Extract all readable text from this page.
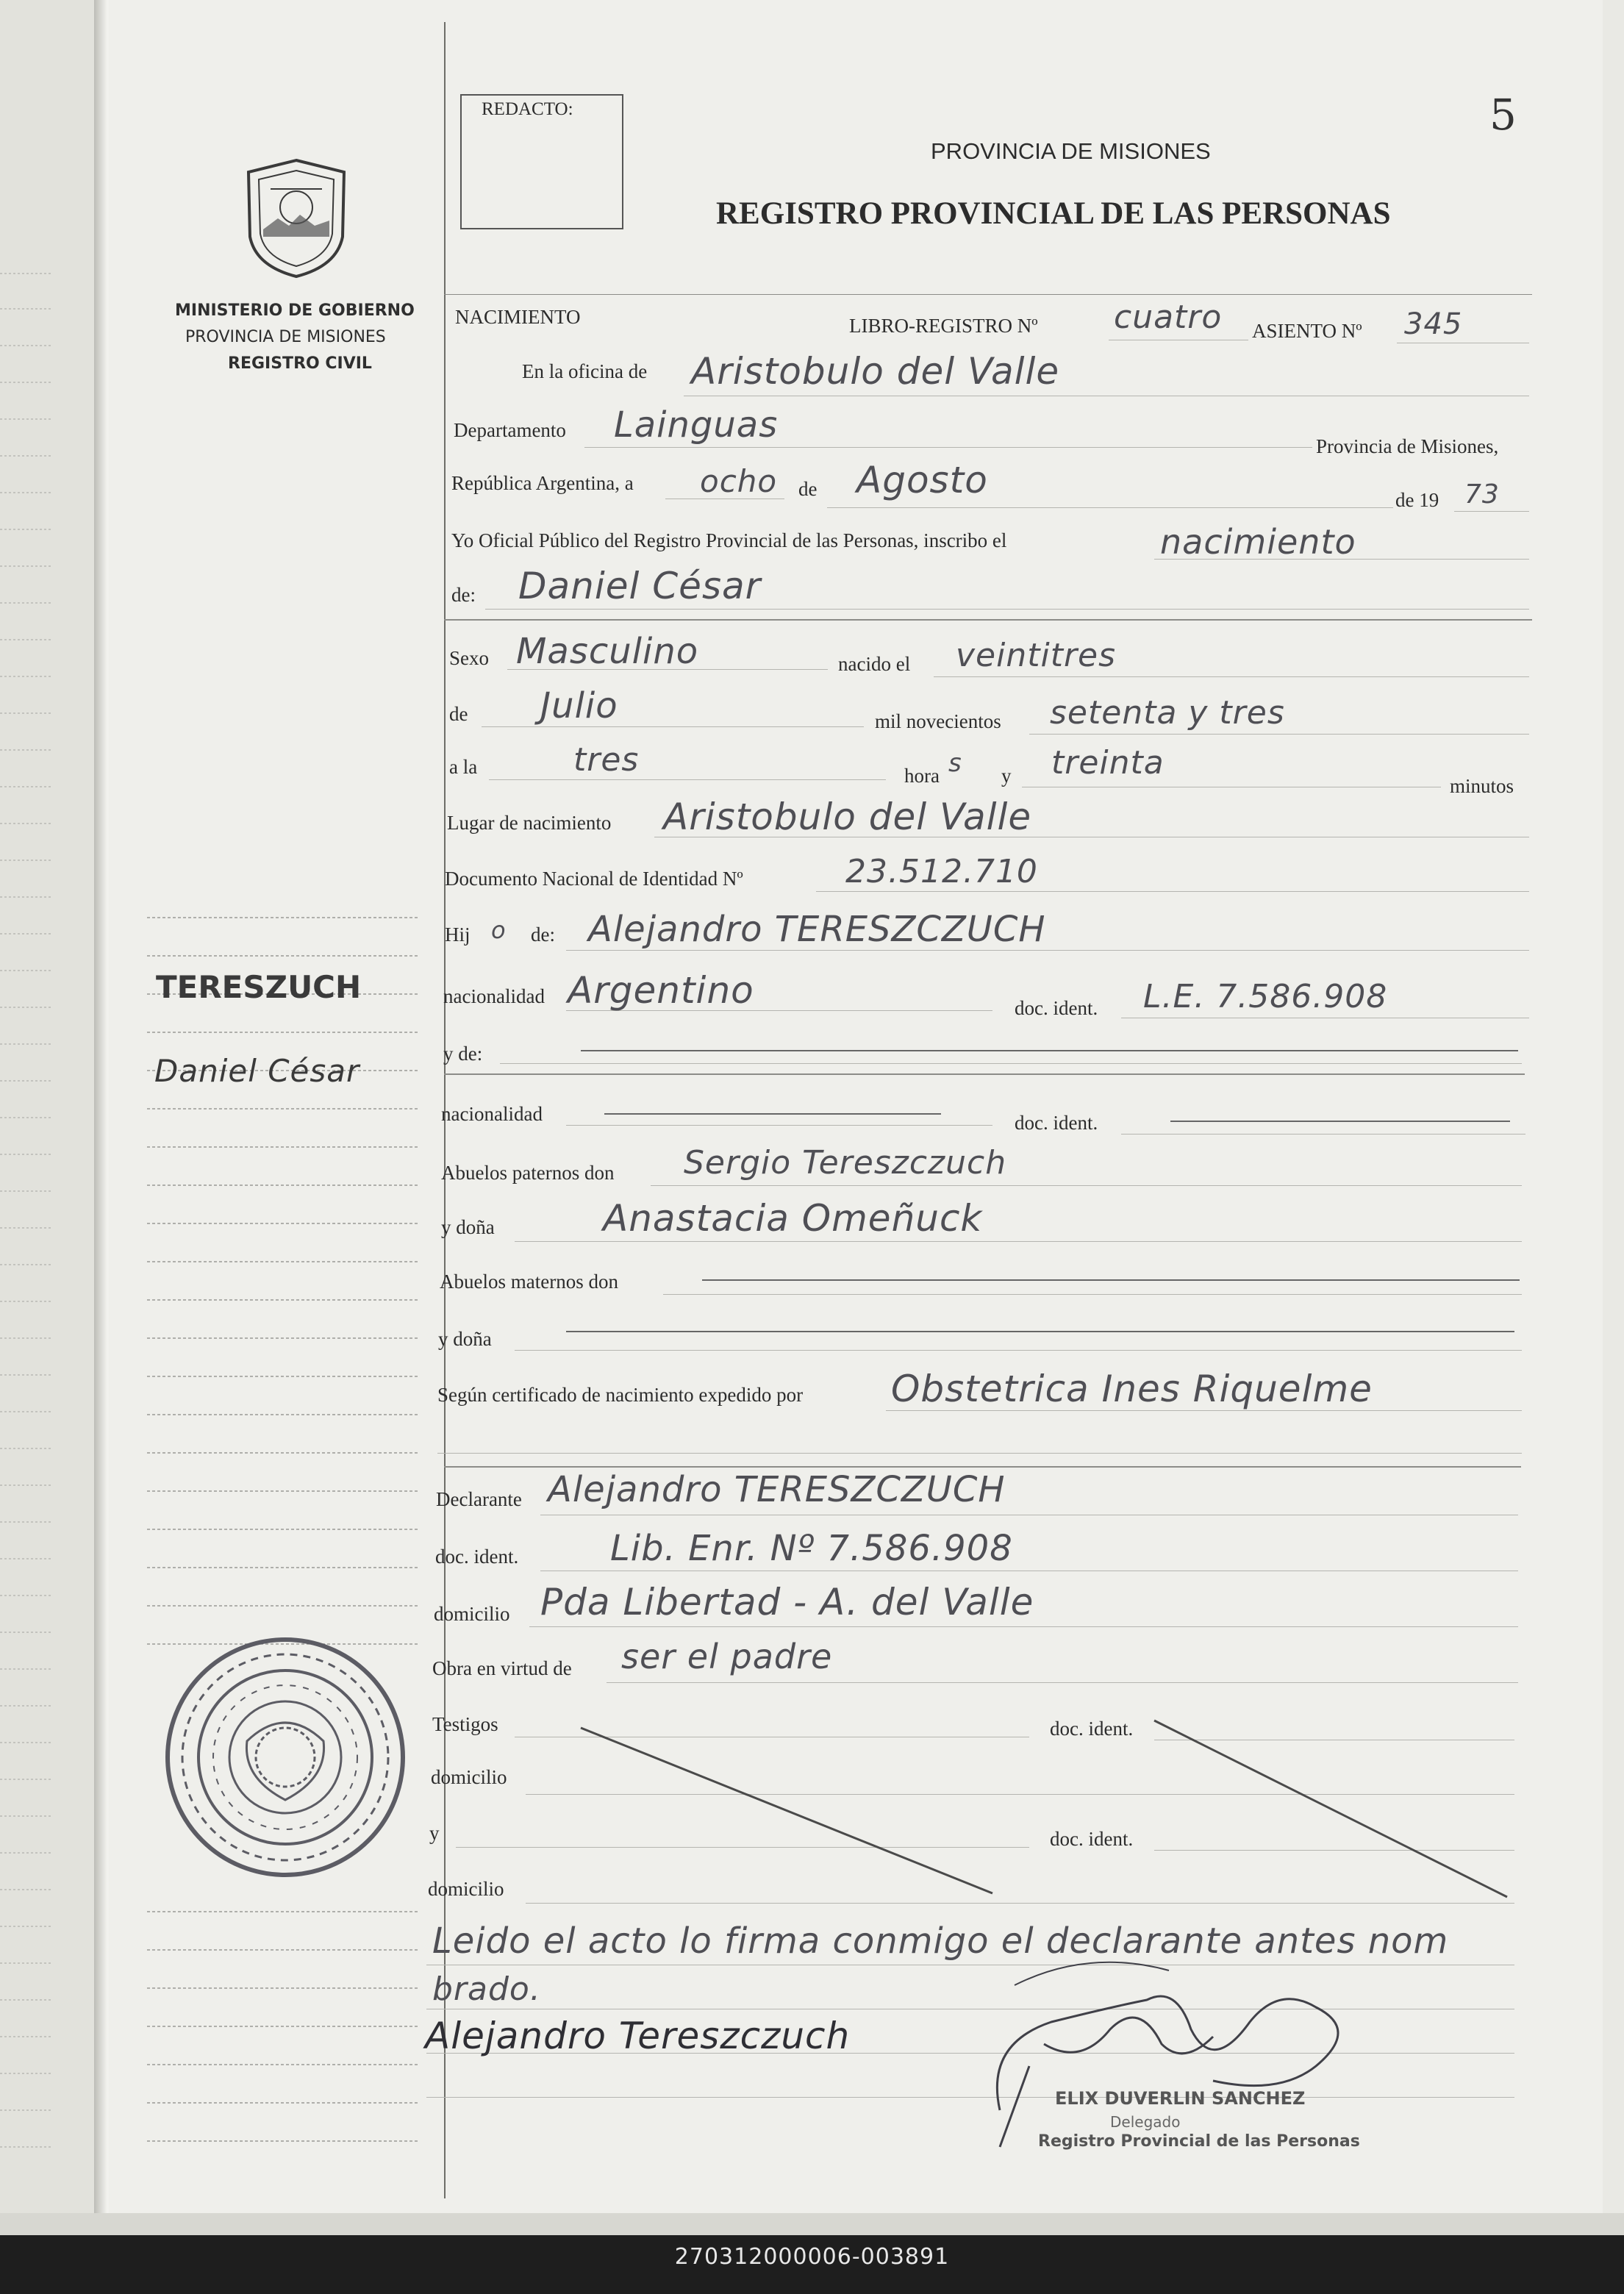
MINISTERIO DE GOBIERNO
PROVINCIA DE MISIONES
REGISTRO CIVIL
TERESZUCH
Daniel César
REDACTO:	5
PROVINCIA DE MISIONES
REGISTRO PROVINCIAL DE LAS PERSONAS
NACIMIENTO	LIBRO-REGISTRO Nº cuatro ASIENTO Nº 345
En la oficina de Aristobulo del Valle
Departamento Lainguas
Provincia de Misiones,
República Argentina, a ocho de Agosto	de 19 73
Yo Oficial Público del Registro Provincial de las Personas, inscribo el	nacimiento
de: Daniel César
Sexo Masculino	nacido el veintitres
de Julio	mil novecientos setenta y tres
a la	tres	hora s y treinta
minutos
Lugar de nacimiento Aristobulo del Valle
Documento Nacional de Identidad Nº	23.512.710
Hij o de: Alejandro TERESZCZUCH
nacionalidad Argentino	doc. ident. L.E. 7.586.908
y de:
nacionalidad	doc. ident.
Abuelos paternos don Sergio Tereszczuch
y doña	Anastacia Omeñuck
Abuelos maternos don
y doña
Según certificado de nacimiento expedido por Obstetrica Ines Riquelme
Declarante Alejandro TERESZCZUCH
doc. ident.	Lib. Enr. Nº 7.586.908
domicilio Pda Libertad - A. del Valle
Obra en virtud de ser el padre
Testigos	doc. ident.
domicilio
y	doc. ident.
domicilio
Leido el acto lo firma conmigo el declarante antes nom
brado.
Alejandro Tereszczuch
ELIX DUVERLIN SANCHEZ
Delegado
Registro Provincial de las Personas
270312000006-003891
